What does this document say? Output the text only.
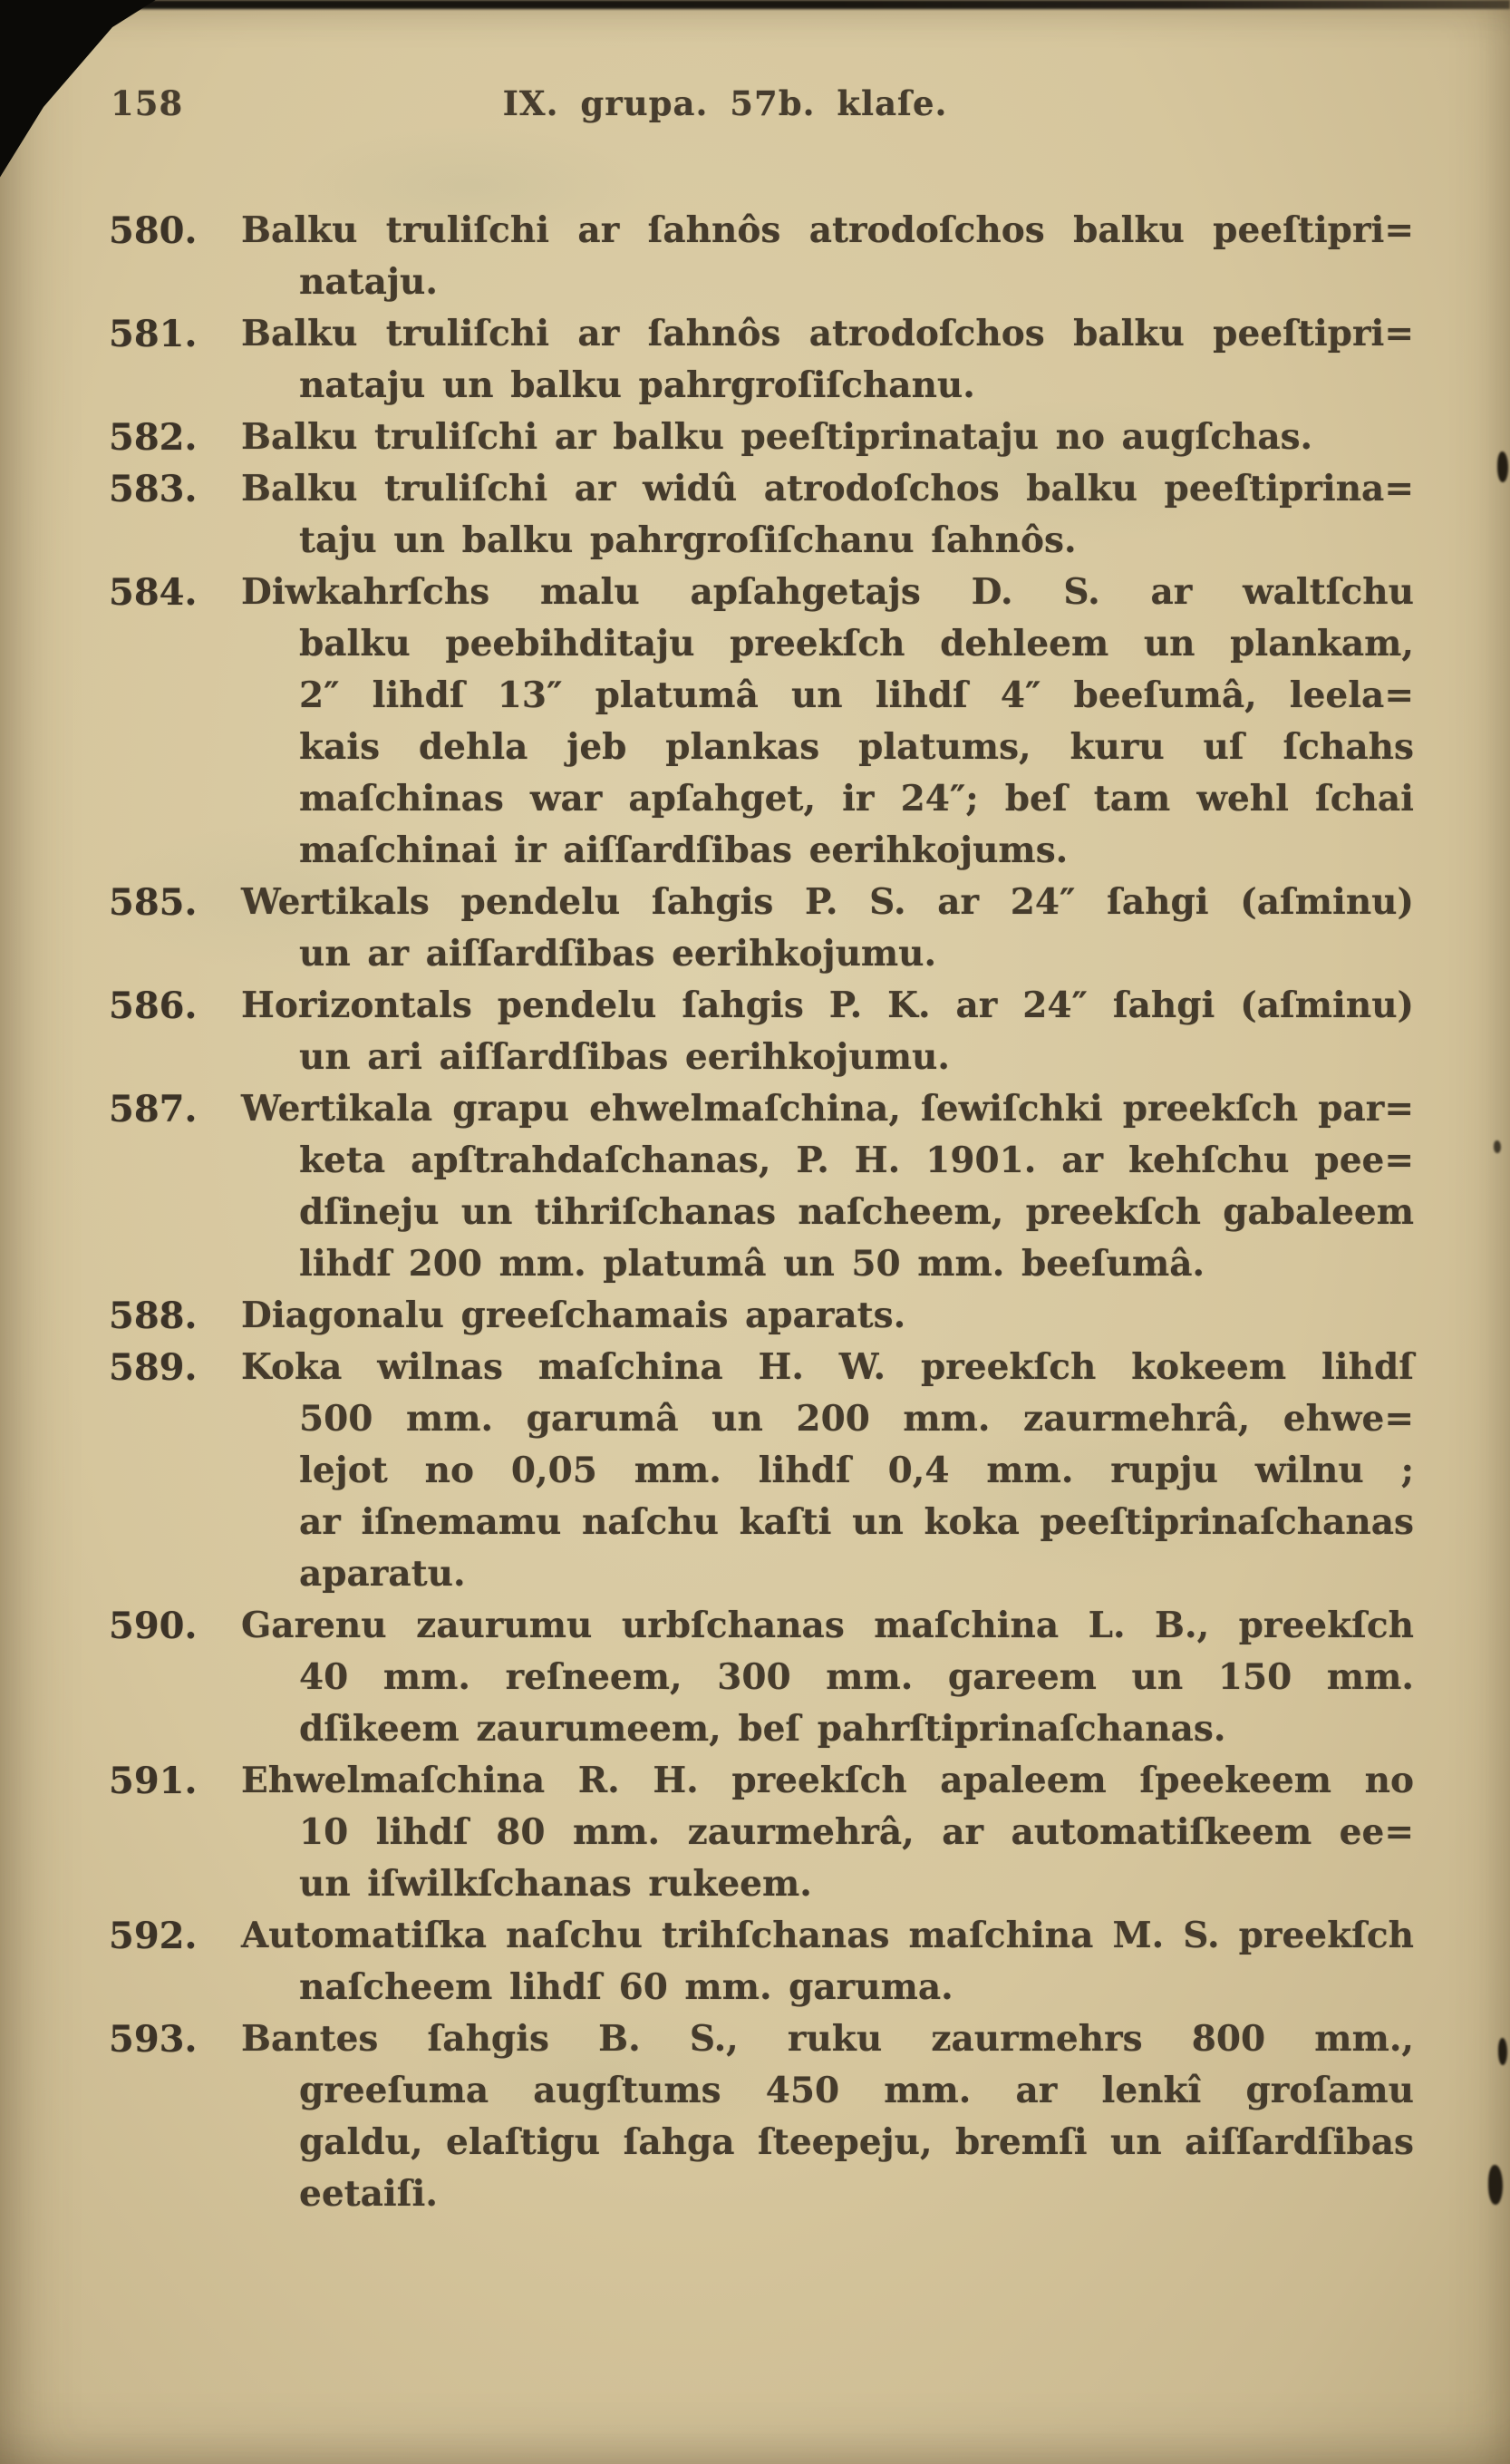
158	IX. grupa. 57b. klaſe.
580.	Balku truliſchi ar ſahnôs atrodoſchos balku peeſtipri=
nataju.
581.	Balku truliſchi ar ſahnôs atrodoſchos balku peeſtipri=
nataju un balku pahrgroſiſchanu.
582.	Balku truliſchi ar balku peeſtiprinataju no augſchas.
583.	Balku truliſchi ar widû atrodoſchos balku peeſtiprina=
taju un balku pahrgroſiſchanu ſahnôs.
584.	Diwkahrſchs malu apſahgetajs D. S. ar waltſchu
balku peebihditaju preekſch dehleem un plankam,
2″ lihdſ 13″ platumâ un lihdſ 4″ beeſumâ, leela=
kais dehla jeb plankas platums, kuru uſ ſchahs
maſchinas war apſahget, ir 24″; beſ tam wehl ſchai
maſchinai ir aiſſardſibas eerihkojums.
585.	Wertikals pendelu ſahgis P. S. ar 24″ ſahgi (aſminu)
un ar aiſſardſibas eerihkojumu.
586.	Horizontals pendelu ſahgis P. K. ar 24″ ſahgi (aſminu)
un ari aiſſardſibas eerihkojumu.
587.	Wertikala grapu ehwelmaſchina, ſewiſchki preekſch par=
keta apſtrahdaſchanas, P. H. 1901. ar kehſchu pee=
dſineju un tihriſchanas naſcheem, preekſch gabaleem
lihdſ 200 mm. platumâ un 50 mm. beeſumâ.
588.	Diagonalu greeſchamais aparats.
589.	Koka wilnas maſchina H. W. preekſch kokeem lihdſ
500 mm. garumâ un 200 mm. zaurmehrâ, ehwe=
lejot no 0,05 mm. lihdſ 0,4 mm. rupju wilnu ;
ar iſnemamu naſchu kaſti un koka peeſtiprinaſchanas
aparatu.
590.	Garenu zaurumu urbſchanas maſchina L. B., preekſch
40 mm. reſneem, 300 mm. gareem un 150 mm.
dſikeem zaurumeem, beſ pahrſtiprinaſchanas.
591.	Ehwelmaſchina R. H. preekſch apaleem ſpeekeem no
10 lihdſ 80 mm. zaurmehrâ, ar automatiſkeem ee=
un iſwilkſchanas rukeem.
592.	Automatiſka naſchu trihſchanas maſchina M. S. preekſch
naſcheem lihdſ 60 mm. garuma.
593.	Bantes ſahgis B. S., ruku zaurmehrs 800 mm.,
greeſuma augſtums 450 mm. ar lenkî groſamu
galdu, elaſtigu ſahga ſteepeju, bremſi un aiſſardſibas
eetaiſi.
